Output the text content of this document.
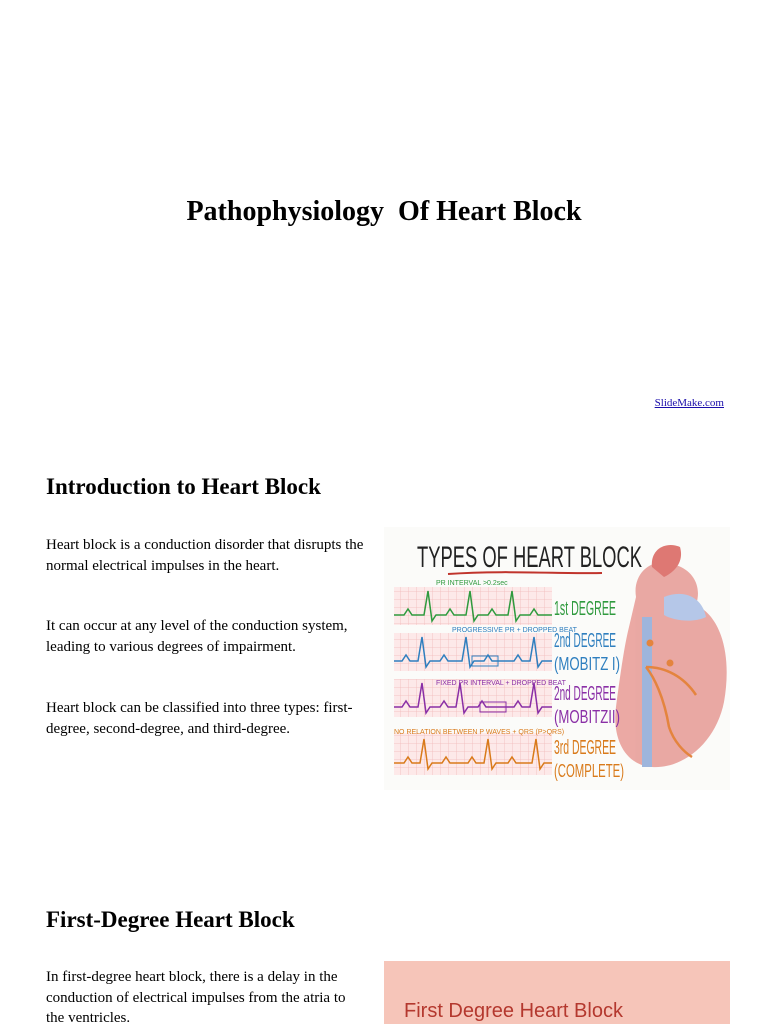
Pathophysiology  Of Heart Block
SlideMake.com
Introduction to Heart Block
Heart block is a conduction disorder that disrupts the normal electrical impulses in the heart.
It can occur at any level of the conduction system, leading to various degrees of impairment.
Heart block can be classified into three types: first-degree, second-degree, and third-degree.
TYPES OF HEART BLOCK
PR INTERVAL >0.2sec
PROGRESSIVE PR + DROPPED BEAT
FIXED PR INTERVAL + DROPPED BEAT
NO RELATION BETWEEN P WAVES + QRS (P>QRS)
1st DEGREE
2nd DEGREE
(MOBITZ I)
2nd DEGREE
(MOBITZII)
3rd DEGREE
(COMPLETE)
First-Degree Heart Block
In first-degree heart block, there is a delay in the conduction of electrical impulses from the atria to the ventricles.	First Degree Heart Block
